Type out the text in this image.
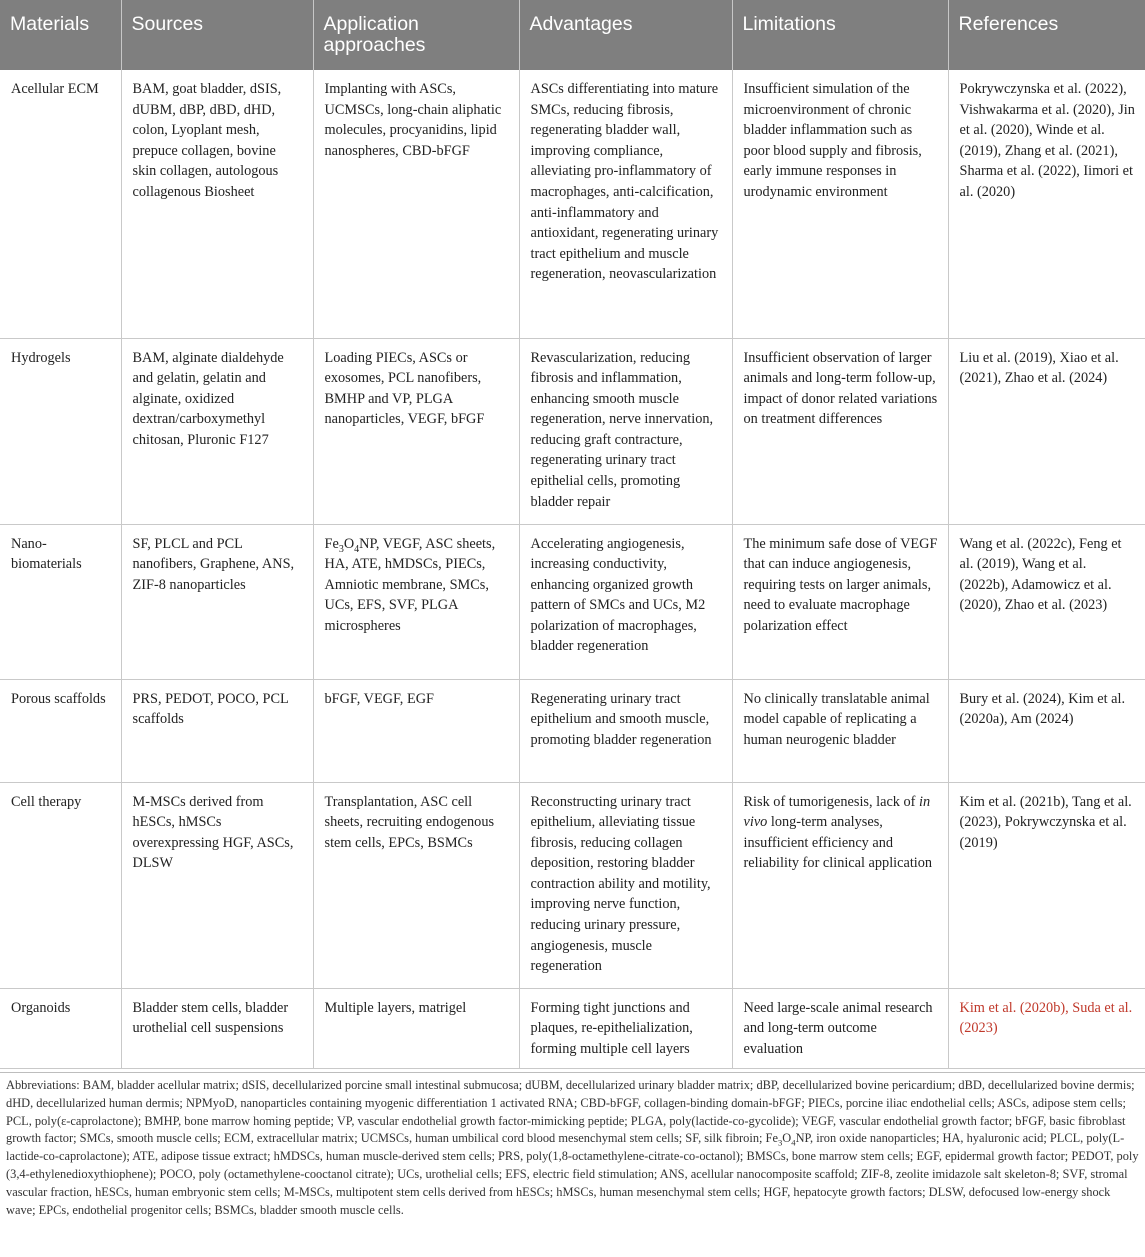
Materials	Sources	Application approaches	Advantages	Limitations	References
Acellular ECM	BAM, goat bladder, dSIS, dUBM, dBP, dBD, dHD, colon, Lyoplant mesh, prepuce collagen, bovine skin collagen, autologous collagenous Biosheet	Implanting with ASCs, UCMSCs, long-chain aliphatic molecules, procyanidins, lipid nanospheres, CBD-bFGF	ASCs differentiating into mature SMCs, reducing fibrosis, regenerating bladder wall, improving compliance, alleviating pro-inflammatory of macrophages, anti-calcification, anti-inflammatory and antioxidant, regenerating urinary tract epithelium and muscle regeneration, neovascularization	Insufficient simulation of the microenvironment of chronic bladder inflammation such as poor blood supply and fibrosis, early immune responses in urodynamic environment	Pokrywczynska et al. (2022), Vishwakarma et al. (2020), Jin et al. (2020), Winde et al. (2019), Zhang et al. (2021), Sharma et al. (2022), Iimori et al. (2020)
Hydrogels	BAM, alginate dialdehyde and gelatin, gelatin and alginate, oxidized dextran/carboxymethyl chitosan, Pluronic F127	Loading PIECs, ASCs or exosomes, PCL nanofibers, BMHP and VP, PLGA nanoparticles, VEGF, bFGF	Revascularization, reducing fibrosis and inflammation, enhancing smooth muscle regeneration, nerve innervation, reducing graft contracture, regenerating urinary tract epithelial cells, promoting bladder repair	Insufficient observation of larger animals and long-term follow-up, impact of donor related variations on treatment differences	Liu et al. (2019), Xiao et al. (2021), Zhao et al. (2024)
Nano-biomaterials	SF, PLCL and PCL nanofibers, Graphene, ANS, ZIF-8 nanoparticles	$Fe_3O_4NP$, VEGF, ASC sheets, HA, ATE, hMDSCs, PIECs, Amniotic membrane, SMCs, UCs, EFS, SVF, PLGA microspheres	Accelerating angiogenesis, increasing conductivity, enhancing organized growth pattern of SMCs and UCs, M2 polarization of macrophages, bladder regeneration	The minimum safe dose of VEGF that can induce angiogenesis, requiring tests on larger animals, need to evaluate macrophage polarization effect	Wang et al. (2022c), Feng et al. (2019), Wang et al. (2022b), Adamowicz et al. (2020), Zhao et al. (2023)
Porous scaffolds	PRS, PEDOT, POCO, PCL scaffolds	bFGF, VEGF, EGF	Regenerating urinary tract epithelium and smooth muscle, promoting bladder regeneration	No clinically translatable animal model capable of replicating a human neurogenic bladder	Bury et al. (2024), Kim et al. (2020a), Am (2024)
Cell therapy	M-MSCs derived from hESCs, hMSCs overexpressing HGF, ASCs, DLSW	Transplantation, ASC cell sheets, recruiting endogenous stem cells, EPCs, BSMCs	Reconstructing urinary tract epithelium, alleviating tissue fibrosis, reducing collagen deposition, restoring bladder contraction ability and motility, improving nerve function, reducing urinary pressure, angiogenesis, muscle regeneration	Risk of tumorigenesis, lack of in vivo long-term analyses, insufficient efficiency and reliability for clinical application	Kim et al. (2021b), Tang et al. (2023), Pokrywczynska et al. (2019)
Organoids	Bladder stem cells, bladder urothelial cell suspensions	Multiple layers, matrigel	Forming tight junctions and plaques, re-epithelialization, forming multiple cell layers	Need large-scale animal research and long-term outcome evaluation	Kim et al. (2020b), Suda et al. (2023)
Abbreviations: BAM, bladder acellular matrix; dSIS, decellularized porcine small intestinal submucosa; dUBM, decellularized urinary bladder matrix; dBP, decellularized bovine pericardium; dBD, decellularized bovine dermis; dHD, decellularized human dermis; NPMyoD, nanoparticles containing myogenic differentiation 1 activated RNA; CBD-bFGF, collagen-binding domain-bFGF; PIECs, porcine iliac endothelial cells; ASCs, adipose stem cells; PCL, poly(ε-caprolactone); BMHP, bone marrow homing peptide; VP, vascular endothelial growth factor-mimicking peptide; PLGA, poly(lactide-co-gycolide); VEGF, vascular endothelial growth factor; bFGF, basic fibroblast growth factor; SMCs, smooth muscle cells; ECM, extracellular matrix; UCMSCs, human umbilical cord blood mesenchymal stem cells; SF, silk fibroin; $Fe_3O_4NP$, iron oxide nanoparticles; HA, hyaluronic acid; PLCL, poly(L-lactide-co-caprolactone); ATE, adipose tissue extract; hMDSCs, human muscle-derived stem cells; PRS, poly(1,8-octamethylene-citrate-co-octanol); BMSCs, bone marrow stem cells; EGF, epidermal growth factor; PEDOT, poly (3,4-ethylenedioxythiophene); POCO, poly (octamethylene-cooctanol citrate); UCs, urothelial cells; EFS, electric field stimulation; ANS, acellular nanocomposite scaffold; ZIF-8, zeolite imidazole salt skeleton-8; SVF, stromal vascular fraction, hESCs, human embryonic stem cells; M-MSCs, multipotent stem cells derived from hESCs; hMSCs, human mesenchymal stem cells; HGF, hepatocyte growth factors; DLSW, defocused low-energy shock wave; EPCs, endothelial progenitor cells; BSMCs, bladder smooth muscle cells.
